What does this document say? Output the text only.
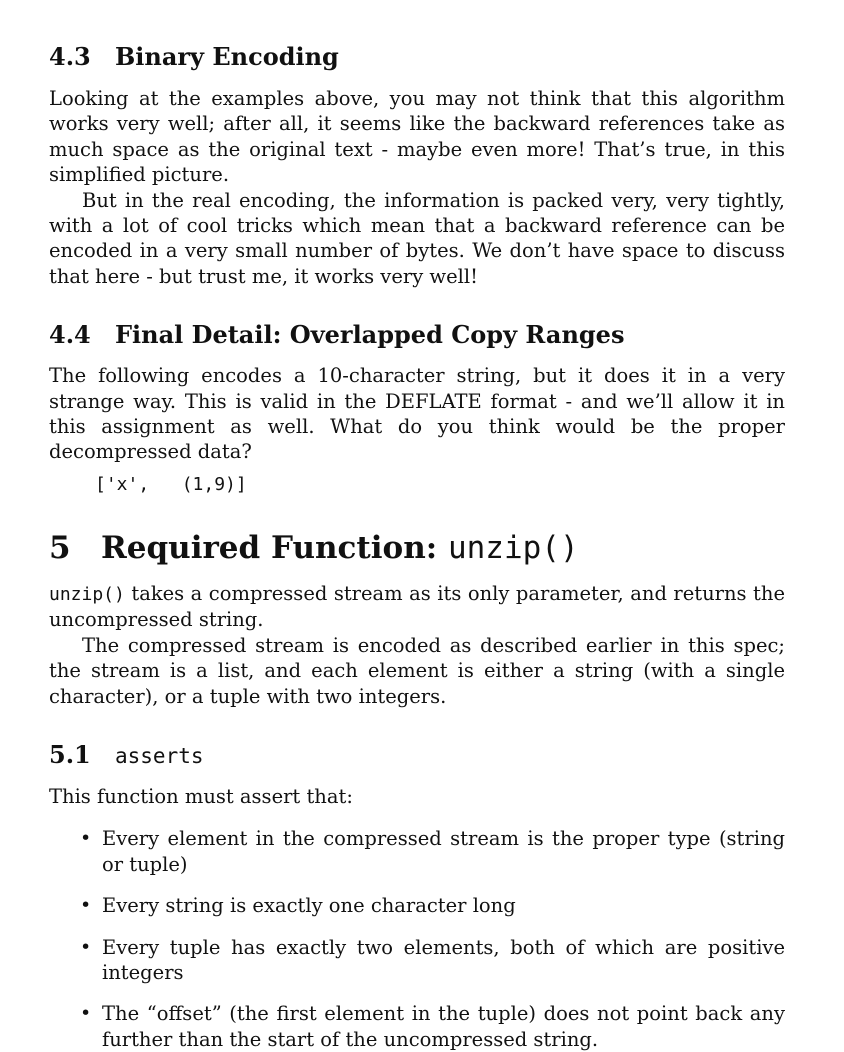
4.3	Binary Encoding

Looking at the examples above, you may not think that this algorithm works very well; after all, it seems like the backward references take as much space as the original text - maybe even more! That’s true, in this simplified picture.

But in the real encoding, the information is packed very, very tightly, with a lot of cool tricks which mean that a backward reference can be encoded in a very small number of bytes. We don’t have space to discuss that here - but trust me, it works very well!

4.4	Final Detail: Overlapped Copy Ranges

The following encodes a 10-character string, but it does it in a very strange way. This is valid in the DEFLATE format - and we’ll allow it in this assignment as well. What do you think would be the proper decompressed data?

['x',   (1,9)]
5 Required Function: unzip()

unzip() takes a compressed stream as its only parameter, and returns the uncompressed string.

The compressed stream is encoded as described earlier in this spec; the stream is a list, and each element is either a string (with a single character), or a tuple with two integers.

5.1	asserts

This function must assert that:

• Every element in the compressed stream is the proper type (string or tuple)
• Every string is exactly one character long
• Every tuple has exactly two elements, both of which are positive integers
• The “offset” (the first element in the tuple) does not point back any further than the start of the uncompressed string.
